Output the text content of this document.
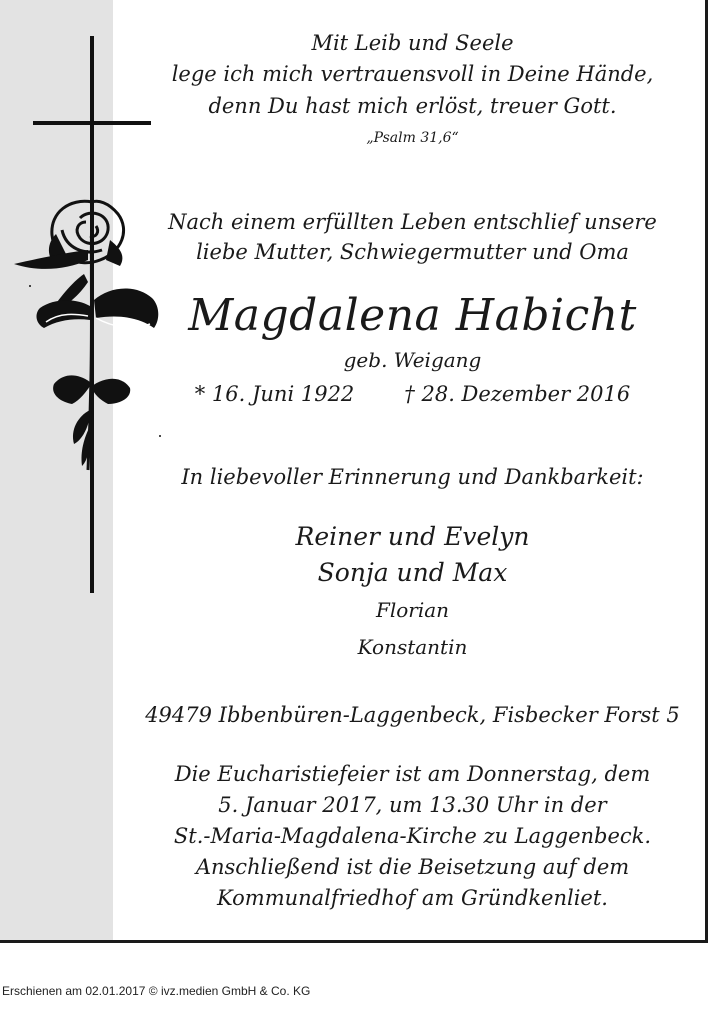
Mit Leib und Seele
lege ich mich vertrauensvoll in Deine Hände,
denn Du hast mich erlöst, treuer Gott.
„Psalm 31,6“
Nach einem erfüllten Leben entschlief unsere
liebe Mutter, Schwiegermutter und Oma
Magdalena Habicht
geb. Weigang
* 16. Juni 1922 † 28. Dezember 2016
In liebevoller Erinnerung und Dankbarkeit:
Reiner und Evelyn
Sonja und Max
Florian
Konstantin
49479 Ibbenbüren-Laggenbeck, Fisbecker Forst 5
Die Eucharistiefeier ist am Donnerstag, dem
5. Januar 2017, um 13.30 Uhr in der
St.-Maria-Magdalena-Kirche zu Laggenbeck.
Anschließend ist die Beisetzung auf dem
Kommunalfriedhof am Gründkenliet.
Erschienen am 02.01.2017 © ivz.medien GmbH & Co. KG
